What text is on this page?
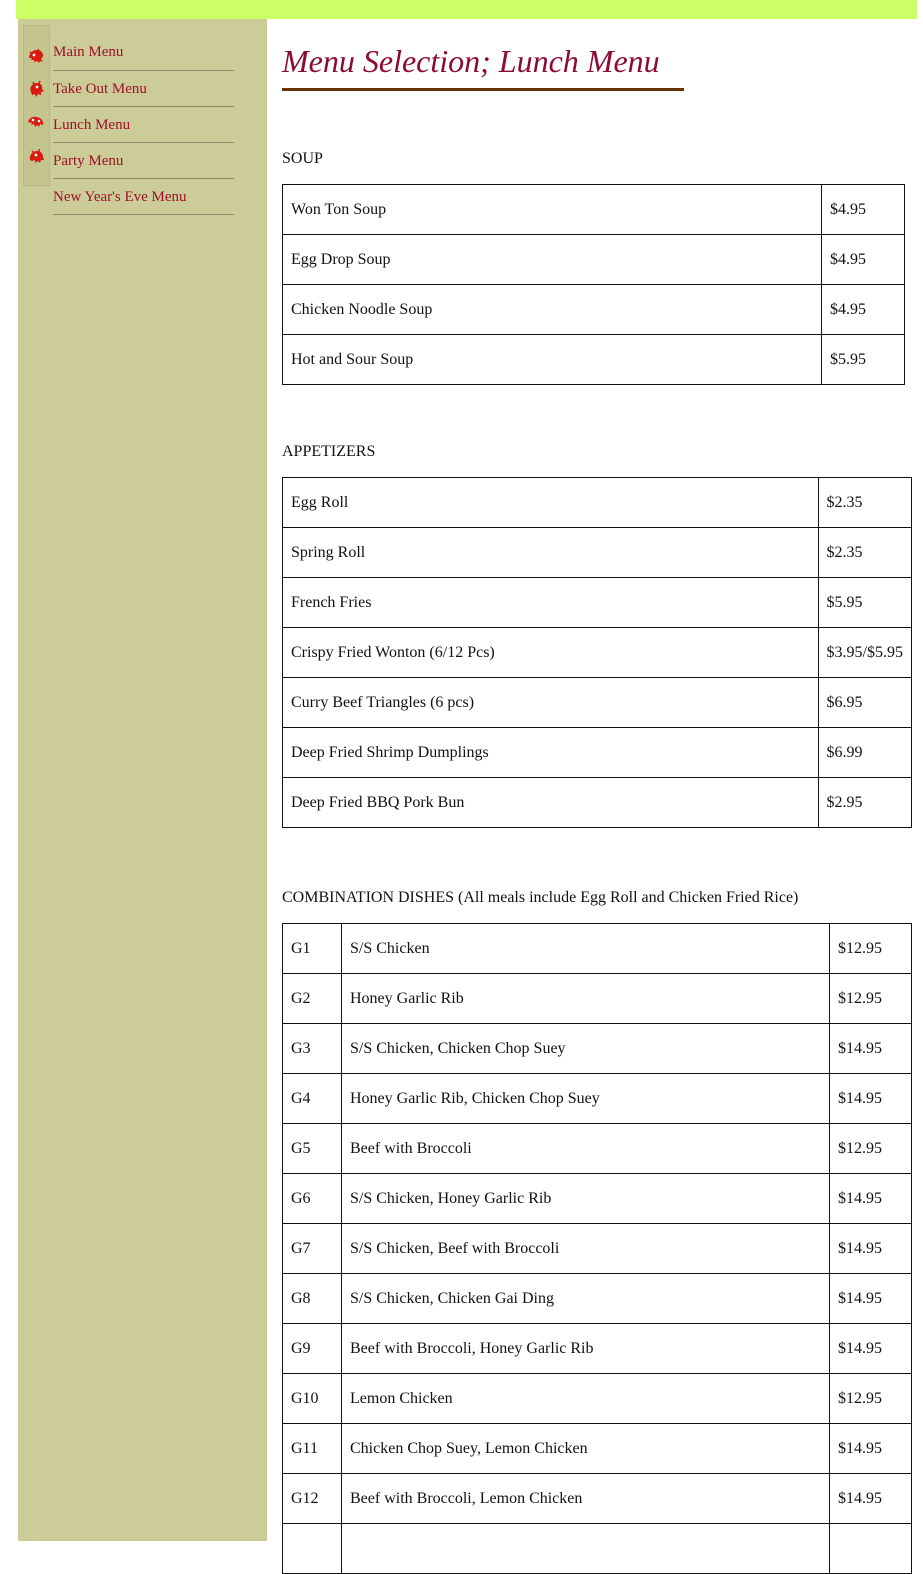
Main Menu
Take Out Menu
Lunch Menu
Party Menu
New Year's Eve Menu
Menu Selection; Lunch Menu

SOUP

Won Ton Soup	$4.95
Egg Drop Soup	$4.95
Chicken Noodle Soup	$4.95
Hot and Sour Soup	$5.95

APPETIZERS

Egg Roll	$2.35
Spring Roll	$2.35
French Fries	$5.95
Crispy Fried Wonton (6/12 Pcs)	$3.95/$5.95
Curry Beef Triangles (6 pcs)	$6.95
Deep Fried Shrimp Dumplings	$6.99
Deep Fried BBQ Pork Bun	$2.95

COMBINATION DISHES (All meals include Egg Roll and Chicken Fried Rice)

G1	S/S Chicken	$12.95
G2	Honey Garlic Rib	$12.95
G3	S/S Chicken, Chicken Chop Suey	$14.95
G4	Honey Garlic Rib, Chicken Chop Suey	$14.95
G5	Beef with Broccoli	$12.95
G6	S/S Chicken, Honey Garlic Rib	$14.95
G7	S/S Chicken, Beef with Broccoli	$14.95
G8	S/S Chicken, Chicken Gai Ding	$14.95
G9	Beef with Broccoli, Honey Garlic Rib	$14.95
G10	Lemon Chicken	$12.95
G11	Chicken Chop Suey, Lemon Chicken	$14.95
G12	Beef with Broccoli, Lemon Chicken	$14.95
